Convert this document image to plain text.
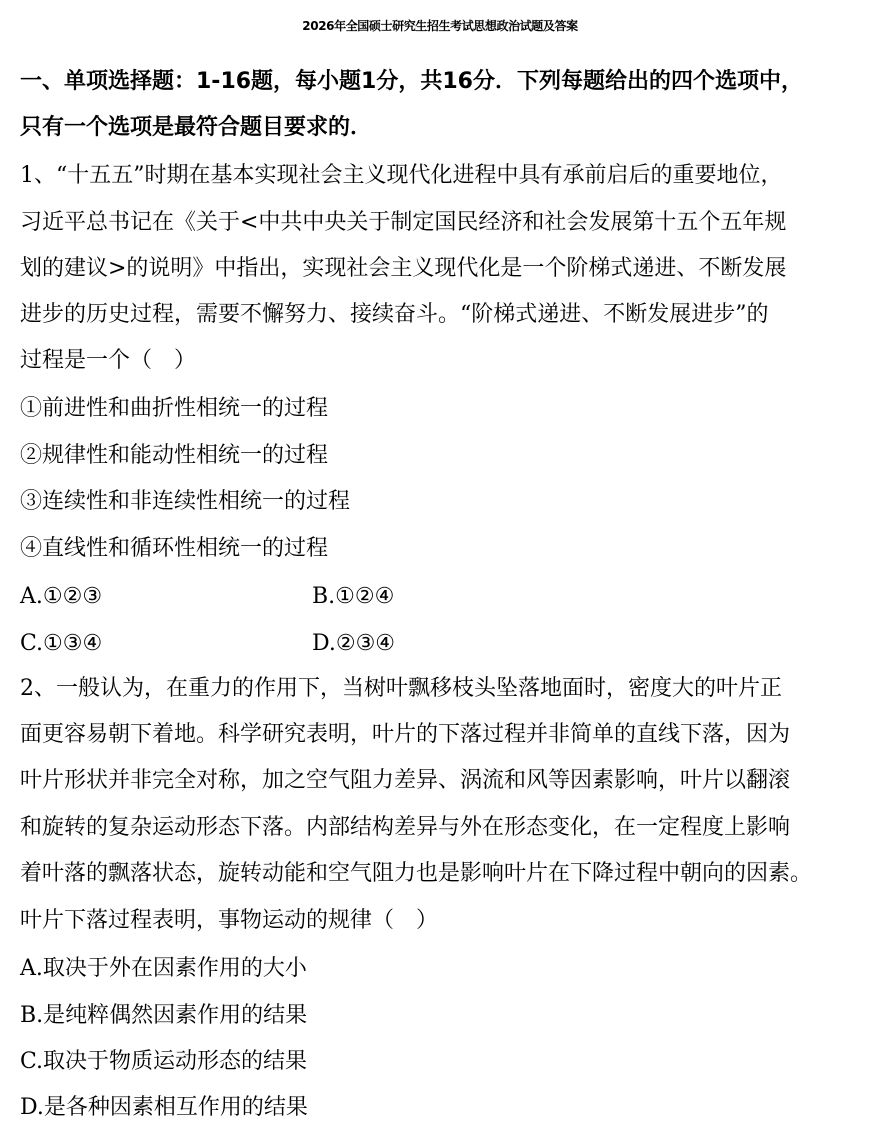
2026年全国硕士研究生招生考试思想政治试题及答案
一、单项选择题：1-16题，每小题1分，共16分．下列每题给出的四个选项中，
只有一个选项是最符合题目要求的．
1、“十五五”时期在基本实现社会主义现代化进程中具有承前启后的重要地位，
习近平总书记在《关于<中共中央关于制定国民经济和社会发展第十五个五年规
划的建议>的说明》中指出，实现社会主义现代化是一个阶梯式递进、不断发展
进步的历史过程，需要不懈努力、接续奋斗。“阶梯式递进、不断发展进步”的
过程是一个（　）
①前进性和曲折性相统一的过程
②规律性和能动性相统一的过程
③连续性和非连续性相统一的过程
④直线性和循环性相统一的过程
A.①②③	B.①②④
C.①③④	D.②③④
2、一般认为，在重力的作用下，当树叶飘移枝头坠落地面时，密度大的叶片正
面更容易朝下着地。科学研究表明，叶片的下落过程并非简单的直线下落，因为
叶片形状并非完全对称，加之空气阻力差异、涡流和风等因素影响，叶片以翻滚
和旋转的复杂运动形态下落。内部结构差异与外在形态变化，在一定程度上影响
着叶落的飘落状态，旋转动能和空气阻力也是影响叶片在下降过程中朝向的因素。
叶片下落过程表明，事物运动的规律（　）
A.取决于外在因素作用的大小
B.是纯粹偶然因素作用的结果
C.取决于物质运动形态的结果
D.是各种因素相互作用的结果
